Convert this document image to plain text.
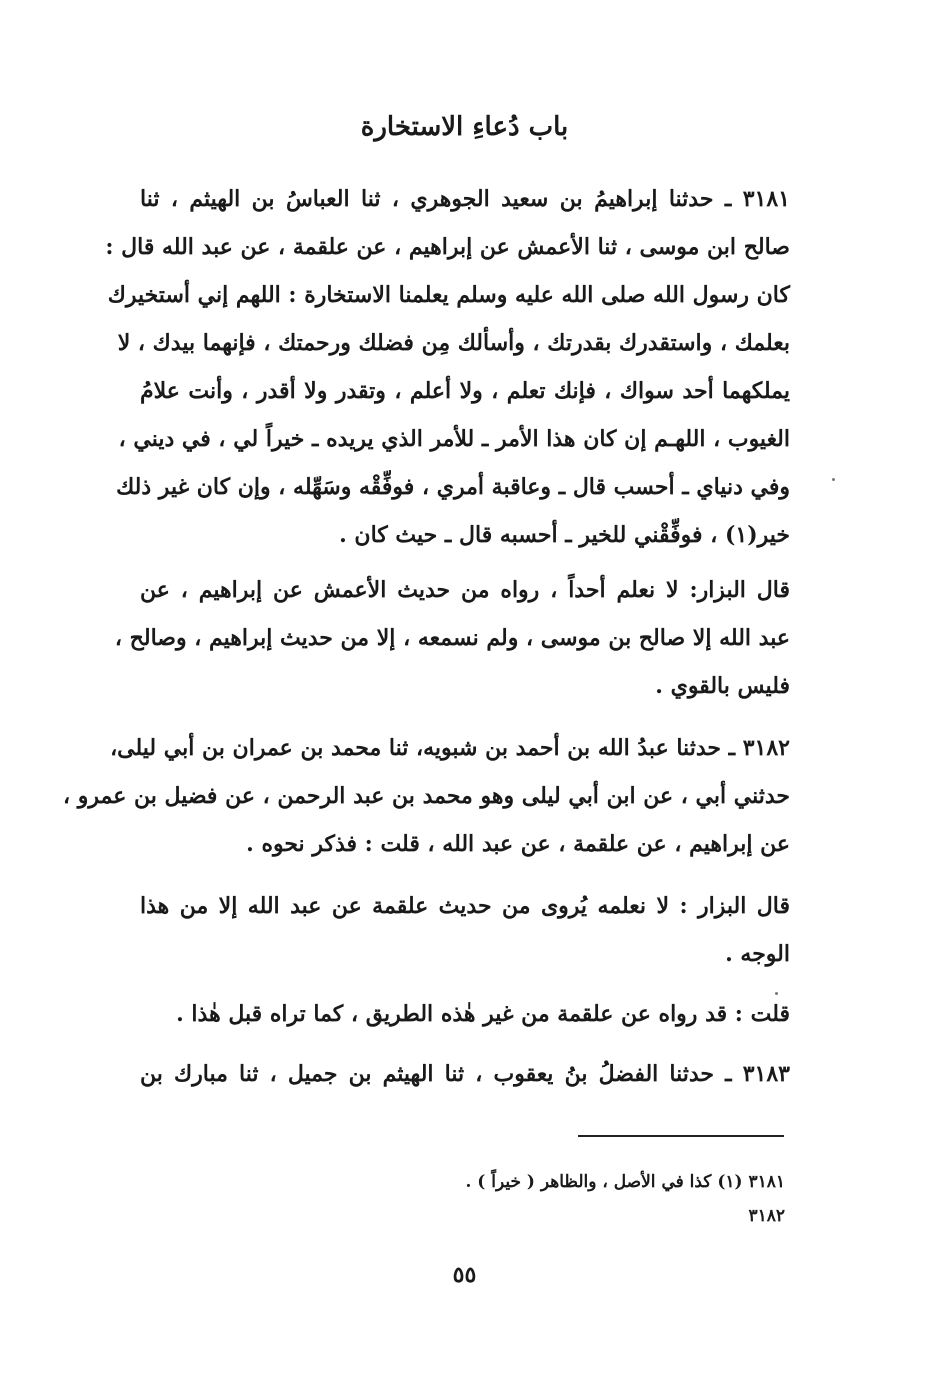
باب دُعاءِ الاستخارة
٣١٨١ ـ حدثنا إبراهيمُ بن سعيد الجوهري ، ثنا العباسُ بن الهيثم ، ثنا
صالح ابن موسى ، ثنا الأعمش عن إبراهيم ، عن علقمة ، عن عبد الله قال :
كان رسول الله صلى الله عليه وسلم يعلمنا الاستخارة : اللهم إني أستخيرك
بعلمك ، واستقدرك بقدرتك ، وأسألك مِن فضلك ورحمتك ، فإنهما بيدك ، لا
يملكهما أحد سواك ، فإنك تعلم ، ولا أعلم ، وتقدر ولا أقدر ، وأنت علامُ
الغيوب ، اللهـم إن كان هذا الأمر ـ للأمر الذي يريده ـ خيراً لي ، في ديني ،
وفي دنياي ـ أحسب قال ـ وعاقبة أمري ، فوفِّقْه وسَهِّله ، وإن كان غير ذلك
خير(١) ، فوفِّقْني للخير ـ أحسبه قال ـ حيث كان .
قال البزار: لا نعلم أحداً ، رواه من حديث الأعمش عن إبراهيم ، عن
عبد الله إلا صالح بن موسى ، ولم نسمعه ، إلا من حديث إبراهيم ، وصالح ،
فليس بالقوي .
٣١٨٢ ـ حدثنا عبدُ الله بن أحمد بن شبويه، ثنا محمد بن عمران بن أبي ليلى،
حدثني أبي ، عن ابن أبي ليلى وهو محمد بن عبد الرحمن ، عن فضيل بن عمرو ،
عن إبراهيم ، عن علقمة ، عن عبد الله ، قلت : فذكر نحوه .
قال البزار : لا نعلمه يُروى من حديث علقمة عن عبد الله إلا من هذا
الوجه .
قلت : قد رواه عن علقمة من غير هٰذه الطريق ، كما تراه قبل هٰذا .
٣١٨٣ ـ حدثنا الفضلُ بنُ يعقوب ، ثنا الهيثم بن جميل ، ثنا مبارك بن
٣١٨١ (١) كذا في الأصل ، والظاهر ( خيراً ) .
٣١٨٢
٥٥
